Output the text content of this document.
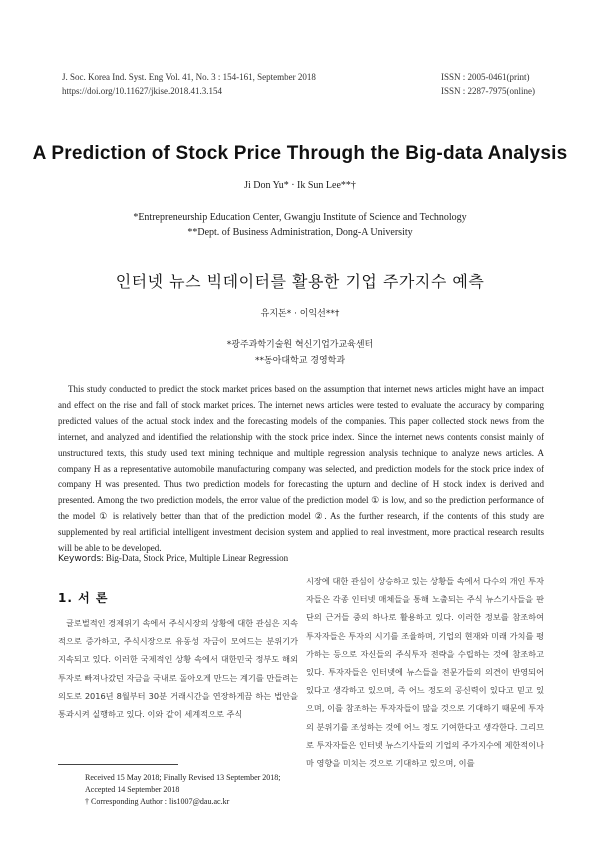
J. Soc. Korea Ind. Syst. Eng Vol. 41, No. 3 : 154-161, September 2018
https://doi.org/10.11627/jkise.2018.41.3.154
ISSN : 2005-0461(print)
ISSN : 2287-7975(online)
A Prediction of Stock Price Through the Big-data Analysis
Ji Don Yu* · Ik Sun Lee**†
*Entrepreneurship Education Center, Gwangju Institute of Science and Technology
**Dept. of Business Administration, Dong-A University
인터넷 뉴스 빅데이터를 활용한 기업 주가지수 예측
유지돈* · 이익선**†
*광주과학기술원 혁신기업가교육센터
**동아대학교 경영학과
This study conducted to predict the stock market prices based on the assumption that internet news articles might have an impact and effect on the rise and fall of stock market prices. The internet news articles were tested to evaluate the accuracy by comparing predicted values of the actual stock index and the forecasting models of the companies. This paper collected stock news from the internet, and analyzed and identified the relationship with the stock price index. Since the internet news contents consist mainly of unstructured texts, this study used text mining technique and multiple regression analysis technique to analyze news articles. A company H as a representative automobile manufacturing company was selected, and prediction models for the stock price index of company H was presented. Thus two prediction models for forecasting the upturn and decline of H stock index is derived and presented. Among the two prediction models, the error value of the prediction model ① is low, and so the prediction performance of the model ① is relatively better than that of the prediction model ②. As the further research, if the contents of this study are supplemented by real artificial intelligent investment decision system and applied to real investment, more practical research results will be able to be developed.
Keywords: Big-Data, Stock Price, Multiple Linear Regression
1. 서 론
글로벌적인 경제위기 속에서 주식시장의 상황에 대한 관심은 지속적으로 증가하고, 주식시장으로 유동성 자금이 모여드는 분위기가 지속되고 있다. 이러한 국제적인 상황 속에서 대한민국 정부도 해외 투자로 빠져나갔던 자금을 국내로 돌아오게 만드는 계기를 만들려는 의도로 2016년 8월부터 30분 거래시간을 연장하게끔 하는 법안을 통과시켜 실행하고 있다. 이와 같이 세계적으로 주식
시장에 대한 관심이 상승하고 있는 상황들 속에서 다수의 개인 투자자들은 각종 인터넷 매체들을 통해 노출되는 주식 뉴스기사들을 판단의 근거들 중의 하나로 활용하고 있다. 이러한 정보를 참조하여 투자자들은 투자의 시기를 조율하며, 기업의 현재와 미래 가치를 평가하는 등으로 자신들의 주식투자 전략을 수립하는 것에 참조하고 있다. 투자자들은 인터넷에 뉴스들을 전문가들의 의견이 반영되어 있다고 생각하고 있으며, 즉 어느 정도의 공신력이 있다고 믿고 있으며, 이를 참조하는 투자자들이 많을 것으로 기대하기 때문에 투자의 분위기를 조성하는 것에 어느 정도 기여한다고 생각한다. 그리므로 투자자들은 인터넷 뉴스기사들의 기업의 주가지수에 제한적이나마 영향을 미치는 것으로 기대하고 있으며, 이를
Received 15 May 2018; Finally Revised 13 September 2018;
Accepted 14 September 2018
† Corresponding Author : lis1007@dau.ac.kr
